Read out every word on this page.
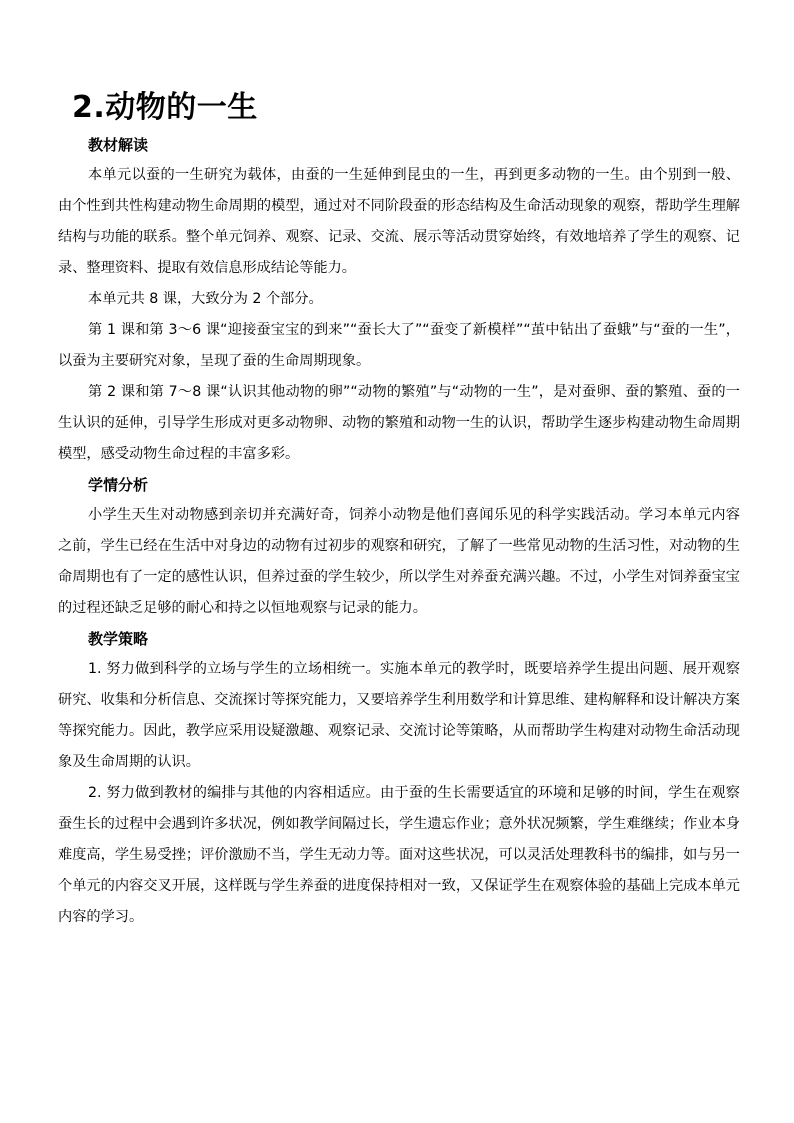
2.动物的一生
教材解读

本单元以蚕的一生研究为载体，由蚕的一生延伸到昆虫的一生，再到更多动物的一生。由个别到一般、由个性到共性构建动物生命周期的模型，通过对不同阶段蚕的形态结构及生命活动现象的观察，帮助学生理解结构与功能的联系。整个单元饲养、观察、记录、交流、展示等活动贯穿始终，有效地培养了学生的观察、记录、整理资料、提取有效信息形成结论等能力。

本单元共 8 课，大致分为 2 个部分。

第 1 课和第 3～6 课“迎接蚕宝宝的到来”“蚕长大了”“蚕变了新模样”“茧中钻出了蚕蛾”与“蚕的一生”，以蚕为主要研究对象，呈现了蚕的生命周期现象。

第 2 课和第 7～8 课“认识其他动物的卵”“动物的繁殖”与“动物的一生”，是对蚕卵、蚕的繁殖、蚕的一生认识的延伸，引导学生形成对更多动物卵、动物的繁殖和动物一生的认识，帮助学生逐步构建动物生命周期模型，感受动物生命过程的丰富多彩。

学情分析

小学生天生对动物感到亲切并充满好奇，饲养小动物是他们喜闻乐见的科学实践活动。学习本单元内容之前，学生已经在生活中对身边的动物有过初步的观察和研究，了解了一些常见动物的生活习性，对动物的生命周期也有了一定的感性认识，但养过蚕的学生较少，所以学生对养蚕充满兴趣。不过，小学生对饲养蚕宝宝的过程还缺乏足够的耐心和持之以恒地观察与记录的能力。

教学策略

1. 努力做到科学的立场与学生的立场相统一。实施本单元的教学时，既要培养学生提出问题、展开观察研究、收集和分析信息、交流探讨等探究能力，又要培养学生利用数学和计算思维、建构解释和设计解决方案等探究能力。因此，教学应采用设疑激趣、观察记录、交流讨论等策略，从而帮助学生构建对动物生命活动现象及生命周期的认识。

2. 努力做到教材的编排与其他的内容相适应。由于蚕的生长需要适宜的环境和足够的时间，学生在观察蚕生长的过程中会遇到许多状况，例如教学间隔过长，学生遗忘作业；意外状况频繁，学生难继续；作业本身难度高，学生易受挫；评价激励不当，学生无动力等。面对这些状况，可以灵活处理教科书的编排，如与另一个单元的内容交叉开展，这样既与学生养蚕的进度保持相对一致，又保证学生在观察体验的基础上完成本单元内容的学习。
